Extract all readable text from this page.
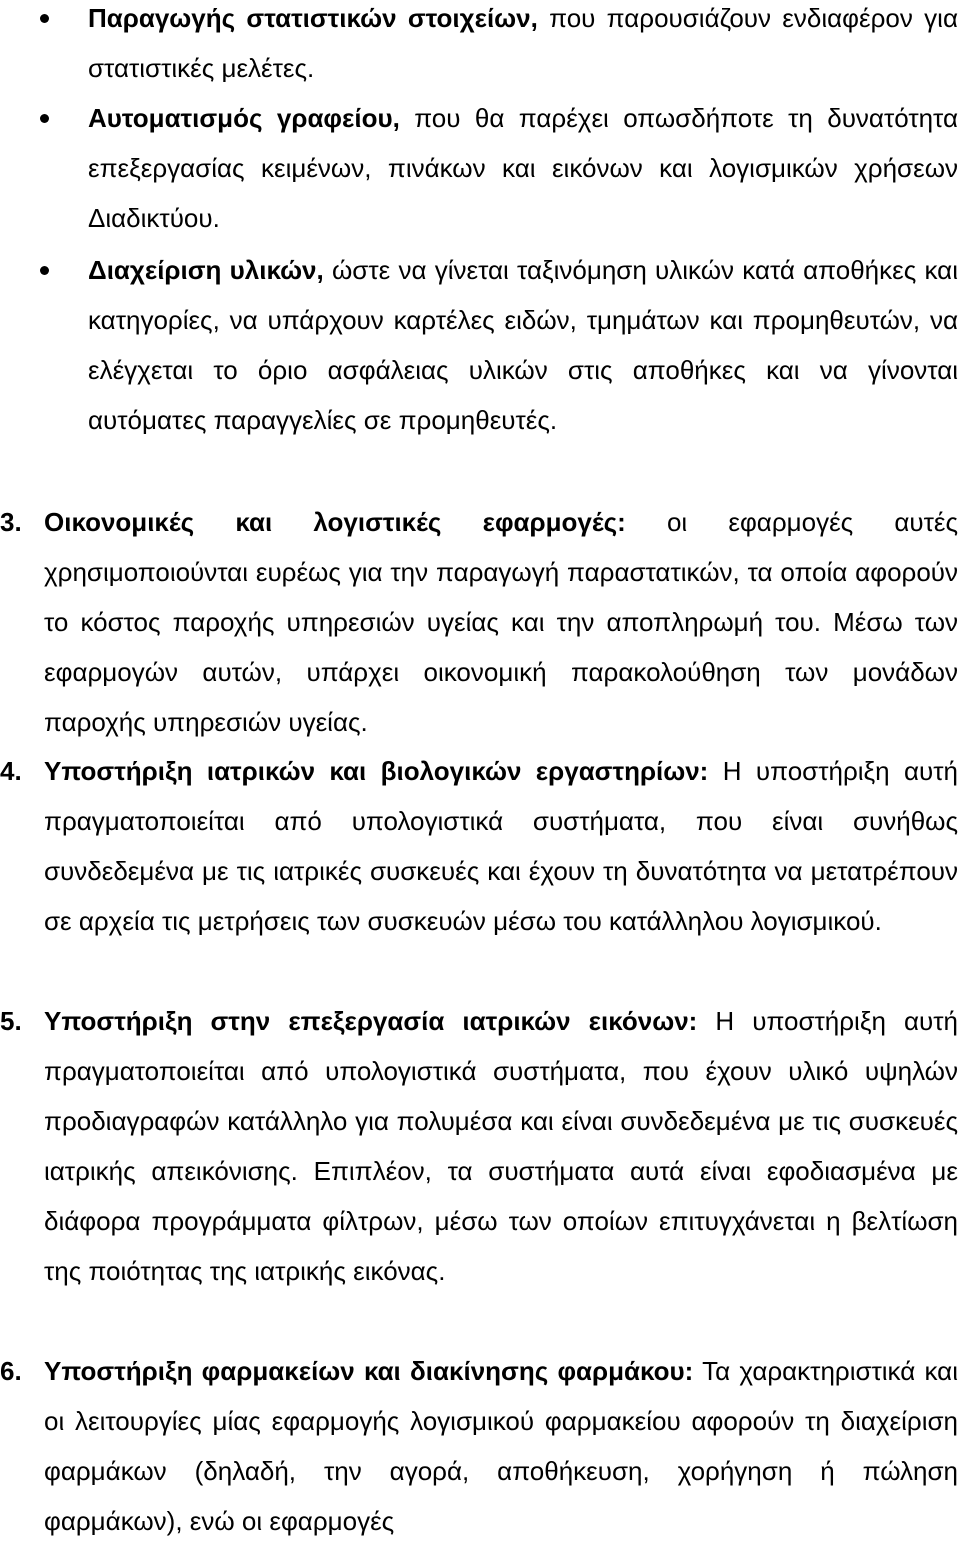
Παραγωγής στατιστικών στοιχείων, που παρουσιάζουν ενδιαφέρον για στατιστικές μελέτες.

Αυτοματισμός γραφείου, που θα παρέχει οπωσδήποτε τη δυνατότητα επεξεργασίας κειμένων, πινάκων και εικόνων και λογισμικών χρήσεων Διαδικτύου.

Διαχείριση υλικών, ώστε να γίνεται ταξινόμηση υλικών κατά αποθήκες και κατηγορίες, να υπάρχουν καρτέλες ειδών, τμημάτων και προμηθευτών, να ελέγχεται το όριο ασφάλειας υλικών στις αποθήκες και να γίνονται αυτόματες παραγγελίες σε προμηθευτές.

3. Οικονομικές και λογιστικές εφαρμογές: οι εφαρμογές αυτές χρησιμοποιούνται ευρέως για την παραγωγή παραστατικών, τα οποία αφορούν το κόστος παροχής υπηρεσιών υγείας και την αποπληρωμή του. Μέσω των εφαρμογών αυτών, υπάρχει οικονομική παρακολούθηση των μονάδων παροχής υπηρεσιών υγείας.

4. Υποστήριξη ιατρικών και βιολογικών εργαστηρίων: Η υποστήριξη αυτή πραγματοποιείται από υπολογιστικά συστήματα, που είναι συνήθως συνδεδεμένα με τις ιατρικές συσκευές και έχουν τη δυνατότητα να μετατρέπουν σε αρχεία τις μετρήσεις των συσκευών μέσω του κατάλληλου λογισμικού.

5. Υποστήριξη στην επεξεργασία ιατρικών εικόνων: Η υποστήριξη αυτή πραγματοποιείται από υπολογιστικά συστήματα, που έχουν υλικό υψηλών προδιαγραφών κατάλληλο για πολυμέσα και είναι συνδεδεμένα με τις συσκευές ιατρικής απεικόνισης. Επιπλέον, τα συστήματα αυτά είναι εφοδιασμένα με διάφορα προγράμματα φίλτρων, μέσω των οποίων επιτυγχάνεται η βελτίωση της ποιότητας της ιατρικής εικόνας.

6. Υποστήριξη φαρμακείων και διακίνησης φαρμάκου: Τα χαρακτηριστικά και οι λειτουργίες μίας εφαρμογής λογισμικού φαρμακείου αφορούν τη διαχείριση φαρμάκων (δηλαδή, την αγορά, αποθήκευση, χορήγηση ή πώληση φαρμάκων), ενώ οι εφαρμογές
